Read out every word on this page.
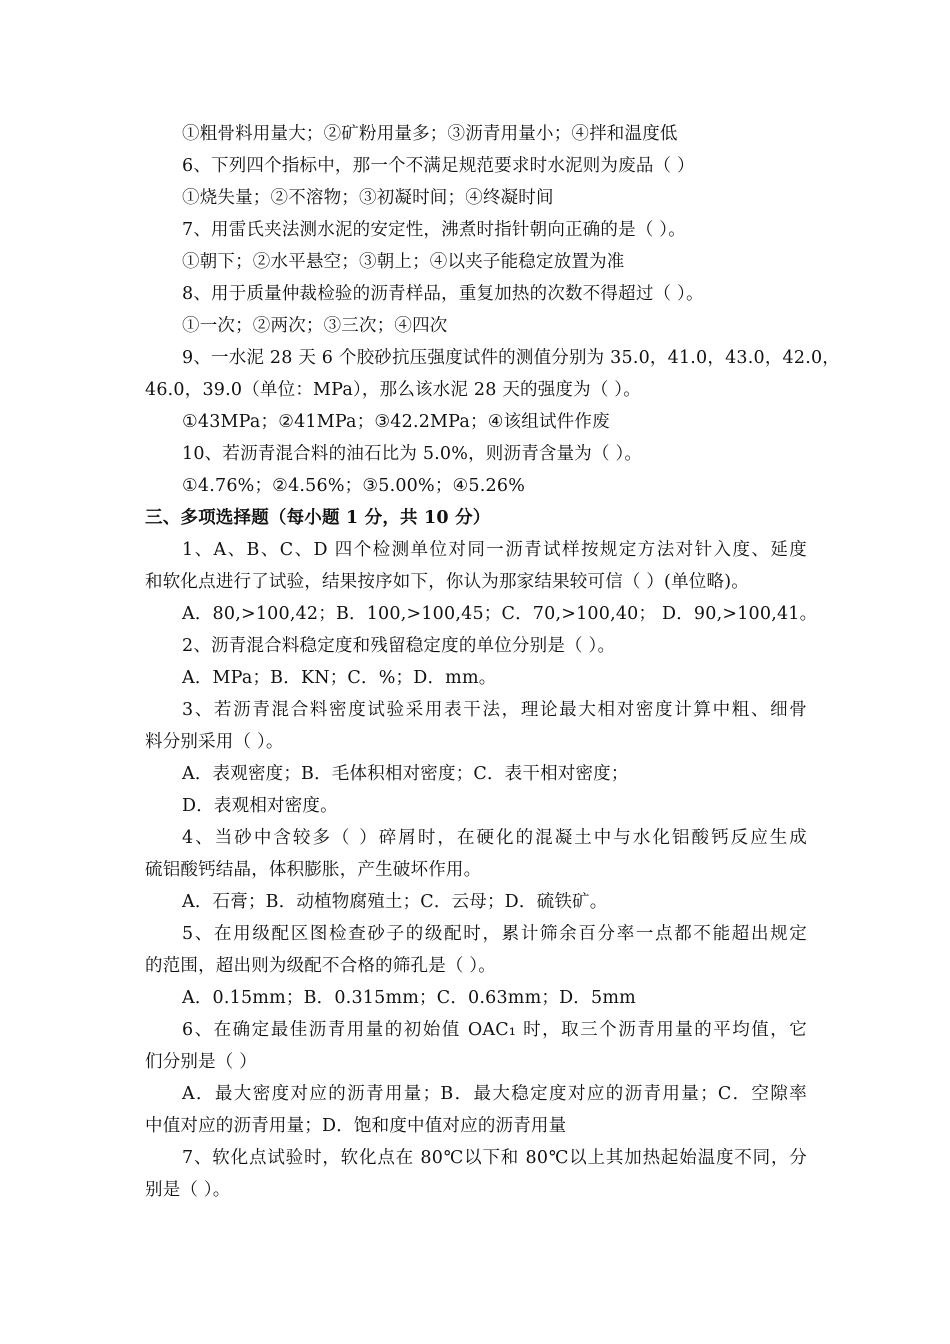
①粗骨料用量大；②矿粉用量多；③沥青用量小；④拌和温度低
6、下列四个指标中，那一个不满足规范要求时水泥则为废品（ ）
①烧失量；②不溶物；③初凝时间；④终凝时间
7、用雷氏夹法测水泥的安定性，沸煮时指针朝向正确的是（ ）。
①朝下；②水平悬空；③朝上；④以夹子能稳定放置为准
8、用于质量仲裁检验的沥青样品，重复加热的次数不得超过（ ）。
①一次；②两次；③三次；④四次
9、一水泥 28 天 6 个胶砂抗压强度试件的测值分别为 35.0，41.0，43.0，42.0，
46.0，39.0（单位：MPa），那么该水泥 28 天的强度为（ ）。
①43MPa；②41MPa；③42.2MPa；④该组试件作废
10、若沥青混合料的油石比为 5.0%，则沥青含量为（ ）。
①4.76%；②4.56%；③5.00%；④5.26%
三、多项选择题（每小题 1 分，共 10 分）
1、A、B、C、D 四个检测单位对同一沥青试样按规定方法对针入度、延度
和软化点进行了试验，结果按序如下，你认为那家结果较可信（ ）(单位略)。
A．80,>100,42；B．100,>100,45；C．70,>100,40； D．90,>100,41。
2、沥青混合料稳定度和残留稳定度的单位分别是（ ）。
A．MPa；B．KN；C．%；D．mm。
3、若沥青混合料密度试验采用表干法，理论最大相对密度计算中粗、细骨
料分别采用（ ）。
A．表观密度；B．毛体积相对密度；C．表干相对密度；
D．表观相对密度。
4、当砂中含较多（ ）碎屑时，在硬化的混凝土中与水化铝酸钙反应生成
硫铝酸钙结晶，体积膨胀，产生破坏作用。
A．石膏；B．动植物腐殖土；C．云母；D．硫铁矿。
5、在用级配区图检查砂子的级配时，累计筛余百分率一点都不能超出规定
的范围，超出则为级配不合格的筛孔是（ ）。
A．0.15mm；B．0.315mm；C．0.63mm；D．5mm
6、在确定最佳沥青用量的初始值 OAC₁ 时，取三个沥青用量的平均值，它
们分别是（ ）
A．最大密度对应的沥青用量；B．最大稳定度对应的沥青用量；C．空隙率
中值对应的沥青用量；D．饱和度中值对应的沥青用量
7、软化点试验时，软化点在 80℃以下和 80℃以上其加热起始温度不同，分
别是（ ）。
